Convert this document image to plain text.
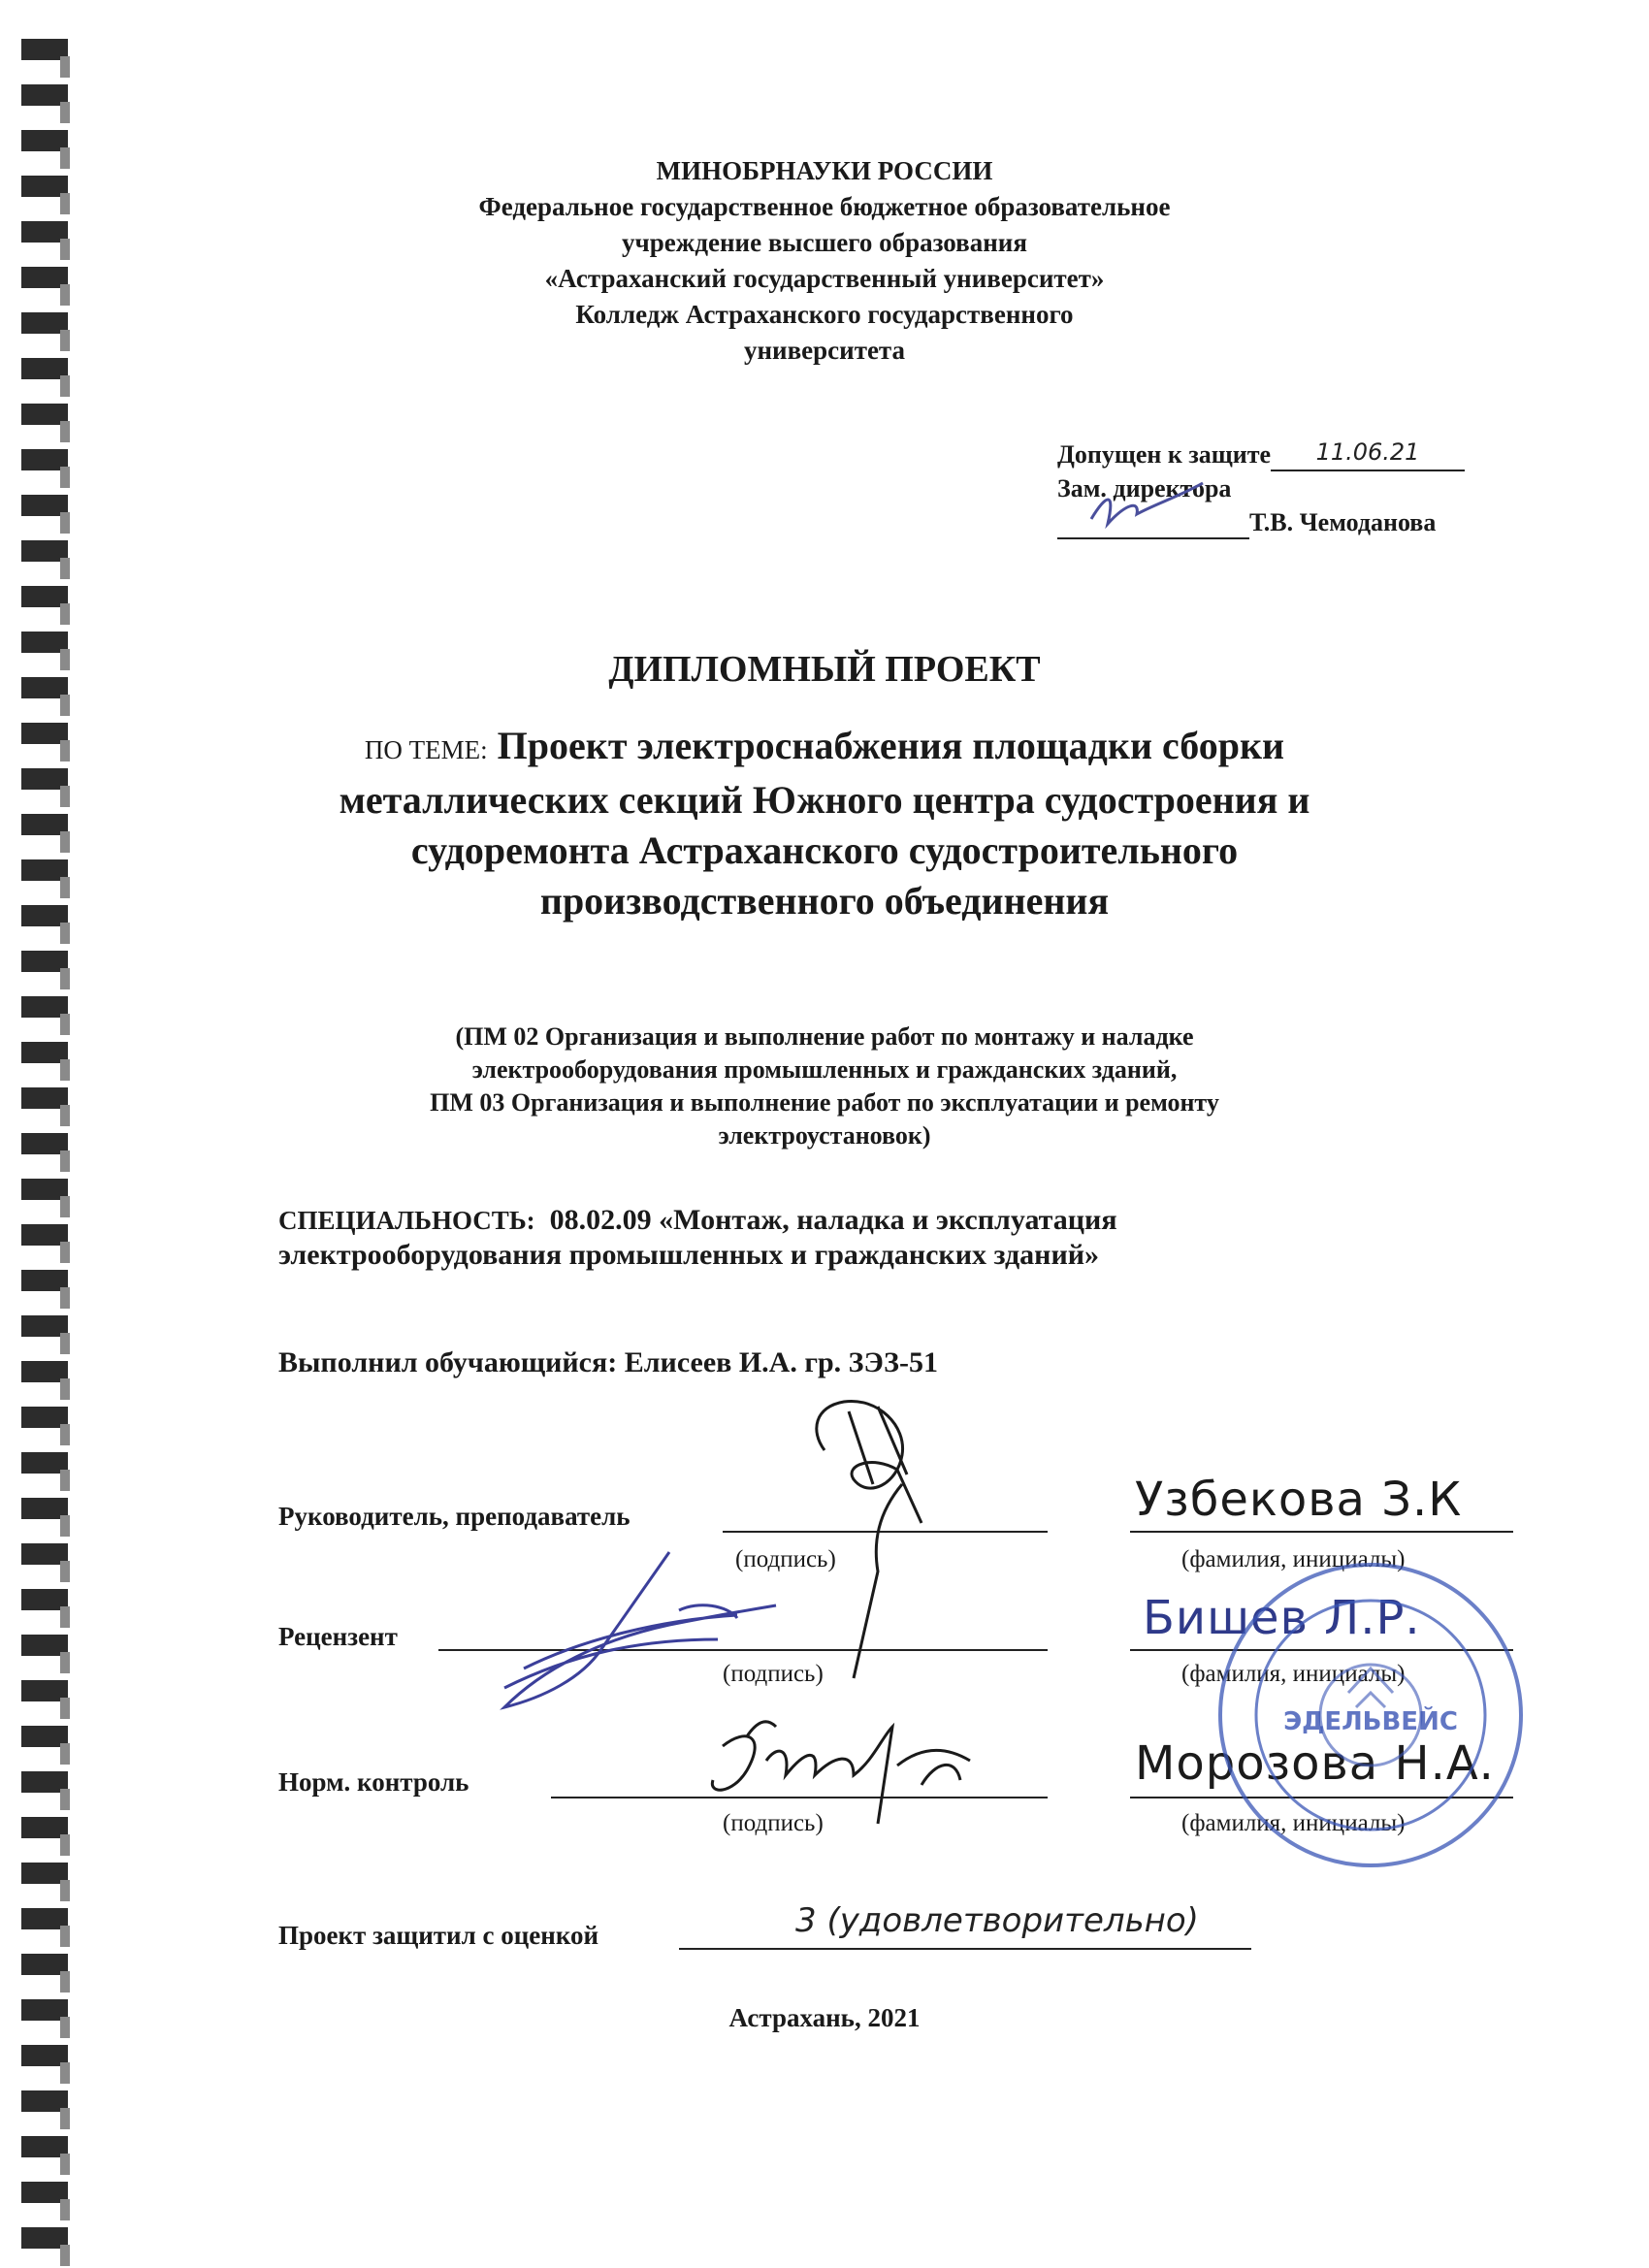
МИНОБРНАУКИ РОССИИ
Федеральное государственное бюджетное образовательное
учреждение высшего образования
«Астраханский государственный университет»
Колледж Астраханского государственного
университета
Допущен к защите 11.06.21
Зам. директора
Т.В. Чемоданова
ДИПЛОМНЫЙ ПРОЕКТ
ПО ТЕМЕ: Проект электроснабжения площадки сборки металлических секций Южного центра судостроения и судоремонта Астраханского судостроительного производственного объединения
(ПМ 02 Организация и выполнение работ по монтажу и наладке
электрооборудования промышленных и гражданских зданий,
ПМ 03 Организация и выполнение работ по эксплуатации и ремонту
электроустановок)
СПЕЦИАЛЬНОСТЬ: 08.02.09 «Монтаж, наладка и эксплуатация
электрооборудования промышленных и гражданских зданий»
Выполнил обучающийся: Елисеев И.А. гр. ЗЭЗ-51
Руководитель, преподаватель	Узбекова З.К
(подпись)	(фамилия, инициалы)
Рецензент	Бишев Л.Р.
(подпись)	(фамилия, инициалы)
Норм. контроль	Морозова Н.А.
(подпись)	(фамилия, инициалы)
Проект защитил с оценкой	3 (удовлетворительно)
Астрахань, 2021
ЭДЕЛЬВЕЙС
